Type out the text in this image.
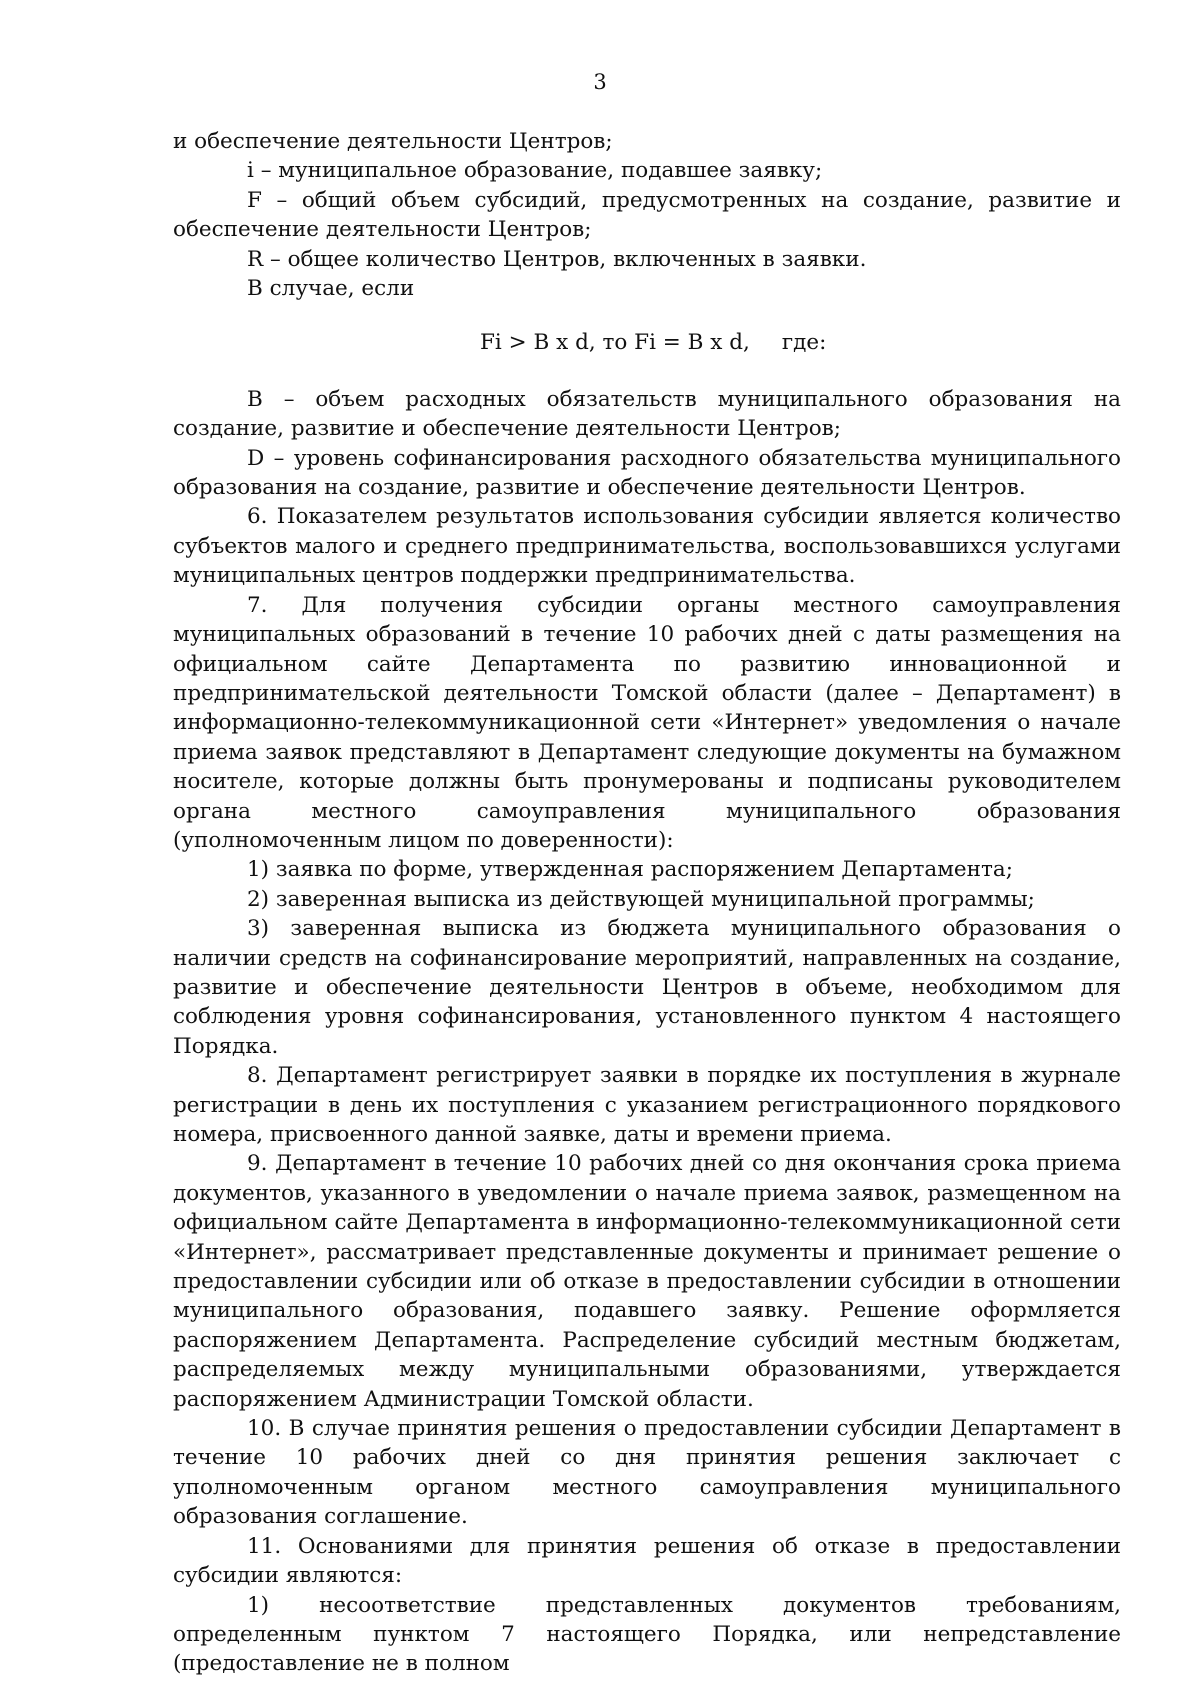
3

и обеспечение деятельности Центров;

i – муниципальное образование, подавшее заявку;

F – общий объем субсидий, предусмотренных на создание, развитие и обеспечение деятельности Центров;

R – общее количество Центров, включенных в заявки.

В случае, если

Fi > B x d, то Fi = B x d, где:

B – объем расходных обязательств муниципального образования на создание, развитие и обеспечение деятельности Центров;

D – уровень софинансирования расходного обязательства муниципального образования на создание, развитие и обеспечение деятельности Центров.

6. Показателем результатов использования субсидии является количество субъектов малого и среднего предпринимательства, воспользовавшихся услугами муниципальных центров поддержки предпринимательства.

7. Для получения субсидии органы местного самоуправления муниципальных образований в течение 10 рабочих дней с даты размещения на официальном сайте Департамента по развитию инновационной и предпринимательской деятельности Томской области (далее – Департамент) в информационно-телекоммуникационной сети «Интернет» уведомления о начале приема заявок представляют в Департамент следующие документы на бумажном носителе, которые должны быть пронумерованы и подписаны руководителем органа местного самоуправления муниципального образования (уполномоченным лицом по доверенности):

1) заявка по форме, утвержденная распоряжением Департамента;

2) заверенная выписка из действующей муниципальной программы;

3) заверенная выписка из бюджета муниципального образования о наличии средств на софинансирование мероприятий, направленных на создание, развитие и обеспечение деятельности Центров в объеме, необходимом для соблюдения уровня софинансирования, установленного пунктом 4 настоящего Порядка.

8. Департамент регистрирует заявки в порядке их поступления в журнале регистрации в день их поступления с указанием регистрационного порядкового номера, присвоенного данной заявке, даты и времени приема.

9. Департамент в течение 10 рабочих дней со дня окончания срока приема документов, указанного в уведомлении о начале приема заявок, размещенном на официальном сайте Департамента в информационно-телекоммуникационной сети «Интернет», рассматривает представленные документы и принимает решение о предоставлении субсидии или об отказе в предоставлении субсидии в отношении муниципального образования, подавшего заявку. Решение оформляется распоряжением Департамента. Распределение субсидий местным бюджетам, распределяемых между муниципальными образованиями, утверждается распоряжением Администрации Томской области.

10. В случае принятия решения о предоставлении субсидии Департамент в течение 10 рабочих дней со дня принятия решения заключает с уполномоченным органом местного самоуправления муниципального образования соглашение.

11. Основаниями для принятия решения об отказе в предоставлении субсидии являются:

1) несоответствие представленных документов требованиям, определенным пунктом 7 настоящего Порядка, или непредставление (предоставление не в полном
